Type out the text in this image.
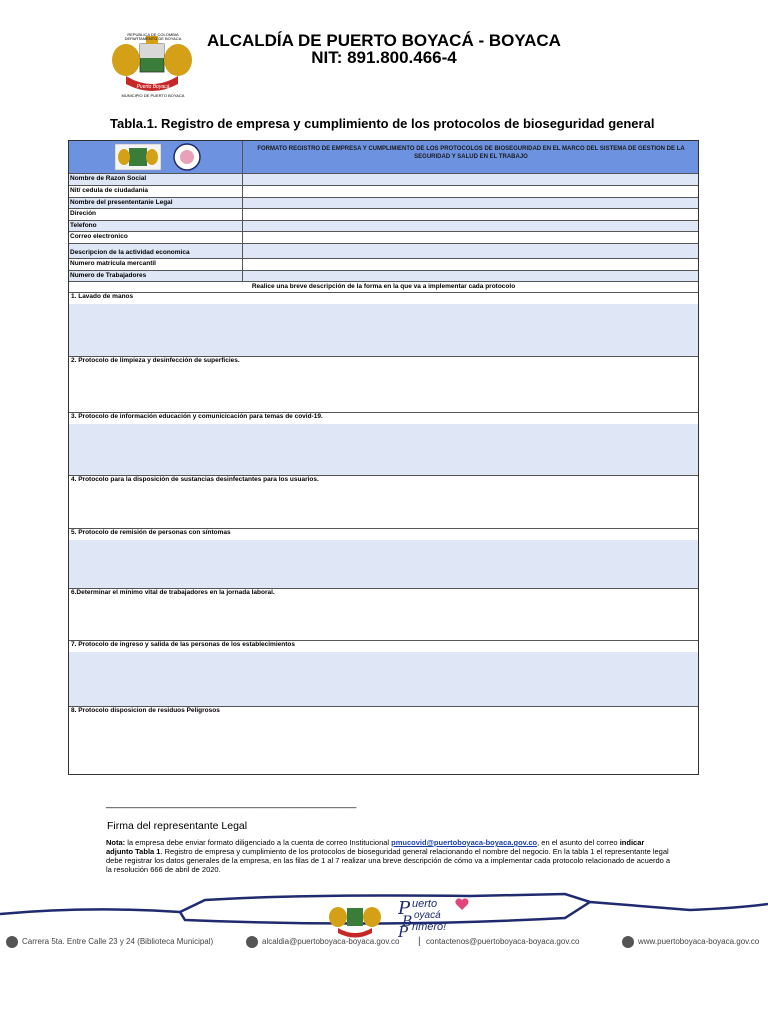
REPUBLICA DE COLOMBIA DEPARTAMENTO DE BOYACA
Puerto Boyacá
MUNICIPIO DE PUERTO BOYACA
ALCALDÍA DE PUERTO BOYACÁ - BOYACA
NIT: 891.800.466-4
Tabla.1. Registro de empresa y cumplimiento de los protocolos de bioseguridad general
FORMATO REGISTRO DE EMPRESA Y CUMPLIMIENTO DE LOS PROTOCOLOS DE BIOSEGURIDAD EN EL MARCO DEL SISTEMA DE GESTION DE LA SEGURIDAD Y SALUD EN EL TRABAJO
Nombre de Razon Social
Nit/ cedula de ciudadania
Nombre del presententanie Legal
Direción
Telefono
Correo electronico
Descripcion de la actividad economica
Numero matricula mercantil
Numero de Trabajadores
Realice una breve descripción de la forma en la que va a implementar cada protocolo
1. Lavado de manos
2. Protocolo de limpieza y desinfección de superficies.
3. Protocolo de información educación y comunicicación para temas de covid-19.
4. Protocolo para la disposición de sustancias desinfectantes para los usuarios.
5. Protocolo de remisión de personas con síntomas
6.Determinar el mínimo vital de trabajadores en la jornada laboral.
7. Protocolo de ingreso y salida de las personas de los establecimientos
8. Protocolo disposicion de residuos Peligrosos
_____________________________________________
Firma del representante Legal
Nota: la empresa debe enviar formato diligenciado a la cuenta de correo Institucional pmucovid@puertoboyaca-boyaca.gov.co, en el asunto del correo indicar adjunto Tabla 1. Registro de empresa y cumplimiento de los protocolos de bioseguridad general relacionando el nombre del negocio. En la tabla 1 el representante legal debe registrar los datos generales de la empresa, en las filas de 1 al 7 realizar una breve descripción de cómo va a implementar cada protocolo relacionado de acuerdo a la resolución 666 de abril de 2020.
P
B
P
uerto
oyacá
rimero!
Carrera 5ta. Entre Calle 23 y 24 (Biblioteca Municipal)	alcaldia@puertoboyaca-boyaca.gov.co | contactenos@puertoboyaca-boyaca.gov.co	www.puertoboyaca-boyaca.gov.co
